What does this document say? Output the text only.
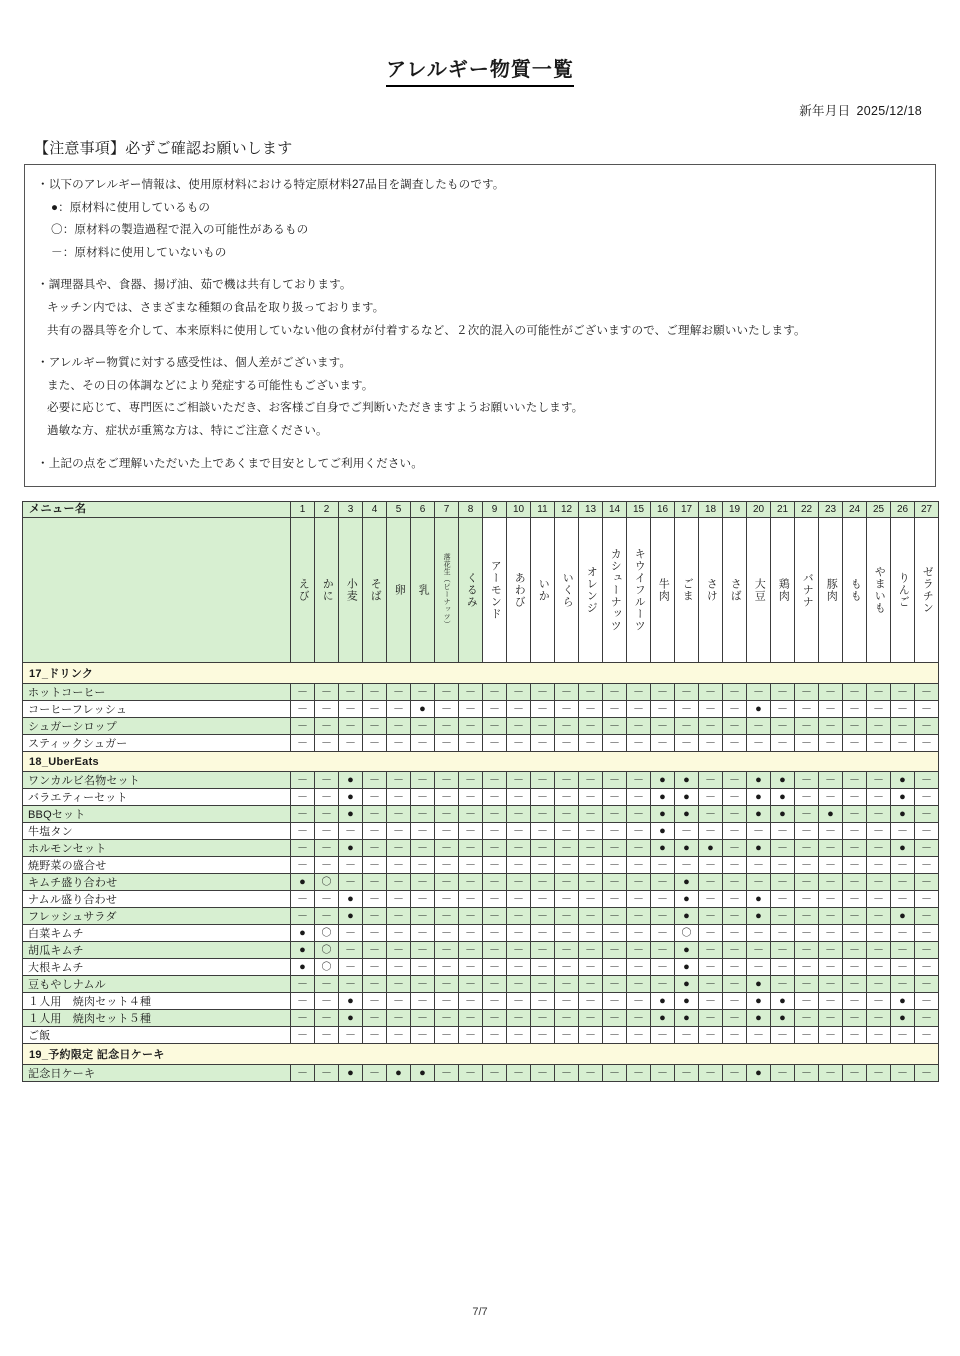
アレルギー物質一覧
新年月日 2025/12/18
【注意事項】必ずご確認お願いします
・以下のアレルギー情報は、使用原材料における特定原材料27品目を調査したものです。
●：原材料に使用しているもの
〇：原材料の製造過程で混入の可能性があるもの
－：原材料に使用していないもの

・調理器具や、食器、揚げ油、茹で機は共有しております。
キッチン内では、さまざまな種類の食品を取り扱っております。
共有の器具等を介して、本来原料に使用していない他の食材が付着するなど、２次的混入の可能性がございますので、ご理解お願いいたします。

・アレルギー物質に対する感受性は、個人差がございます。
また、その日の体調などにより発症する可能性もございます。
必要に応じて、専門医にご相談いただき、お客様ご自身でご判断いただきますようお願いいたします。
過敏な方、症状が重篤な方は、特にご注意ください。

・上記の点をご理解いただいた上であくまで目安としてご利用ください。
メニュー名	1	2	3	4	5	6	7	8	9	10	11	12	13	14	15	16	17	18	19	20	21	22	23	24	25	26	27

えび	かに	小麦	そば	卵	乳	落花生（ピーナッツ）	くるみ	アーモンド	あわび	いか	いくら	オレンジ	カシューナッツ	キウイフルーツ	牛肉	ごま	さけ	さば	大豆	鶏肉	バナナ	豚肉	もも	やまいも	りんご	ゼラチン

17_ドリンク																											
ホットコーヒー	－	－	－	－	－	－	－	－	－	－	－	－	－	－	－	－	－	－	－	－	－	－	－	－	－	－	－
コーヒーフレッシュ	－	－	－	－	－	●	－	－	－	－	－	－	－	－	－	－	－	－	－	●	－	－	－	－	－	－	－
シュガーシロップ	－	－	－	－	－	－	－	－	－	－	－	－	－	－	－	－	－	－	－	－	－	－	－	－	－	－	－
スティックシュガー	－	－	－	－	－	－	－	－	－	－	－	－	－	－	－	－	－	－	－	－	－	－	－	－	－	－	－
18_UberEats																											
ワンカルビ名物セット	－	－	●	－	－	－	－	－	－	－	－	－	－	－	－	●	●	－	－	●	●	－	－	－	－	●	－
バラエティーセット	－	－	●	－	－	－	－	－	－	－	－	－	－	－	－	●	●	－	－	●	●	－	－	－	－	●	－
BBQセット	－	－	●	－	－	－	－	－	－	－	－	－	－	－	－	●	●	－	－	●	●	－	●	－	－	●	－
牛塩タン	－	－	－	－	－	－	－	－	－	－	－	－	－	－	－	●	－	－	－	－	－	－	－	－	－	－	－
ホルモンセット	－	－	●	－	－	－	－	－	－	－	－	－	－	－	－	●	●	●	－	●	－	－	－	－	－	●	－
焼野菜の盛合せ	－	－	－	－	－	－	－	－	－	－	－	－	－	－	－	－	－	－	－	－	－	－	－	－	－	－	－
キムチ盛り合わせ	●	〇	－	－	－	－	－	－	－	－	－	－	－	－	－	－	●	－	－	－	－	－	－	－	－	－	－
ナムル盛り合わせ	－	－	●	－	－	－	－	－	－	－	－	－	－	－	－	－	●	－	－	●	－	－	－	－	－	－	－
フレッシュサラダ	－	－	●	－	－	－	－	－	－	－	－	－	－	－	－	－	●	－	－	●	－	－	－	－	－	●	－
白菜キムチ	●	〇	－	－	－	－	－	－	－	－	－	－	－	－	－	－	〇	－	－	－	－	－	－	－	－	－	－
胡瓜キムチ	●	〇	－	－	－	－	－	－	－	－	－	－	－	－	－	－	●	－	－	－	－	－	－	－	－	－	－
大根キムチ	●	〇	－	－	－	－	－	－	－	－	－	－	－	－	－	－	●	－	－	－	－	－	－	－	－	－	－
豆もやしナムル	－	－	－	－	－	－	－	－	－	－	－	－	－	－	－	－	●	－	－	●	－	－	－	－	－	－	－
１人用　焼肉セット４種	－	－	●	－	－	－	－	－	－	－	－	－	－	－	－	●	●	－	－	●	●	－	－	－	－	●	－
１人用　焼肉セット５種	－	－	●	－	－	－	－	－	－	－	－	－	－	－	－	●	●	－	－	●	●	－	－	－	－	●	－
ご飯	－	－	－	－	－	－	－	－	－	－	－	－	－	－	－	－	－	－	－	－	－	－	－	－	－	－	－
19_予約限定 記念日ケーキ																											
記念日ケーキ	－	－	●	－	●	●	－	－	－	－	－	－	－	－	－	－	－	－	－	●	－	－	－	－	－	－	－
7/7
